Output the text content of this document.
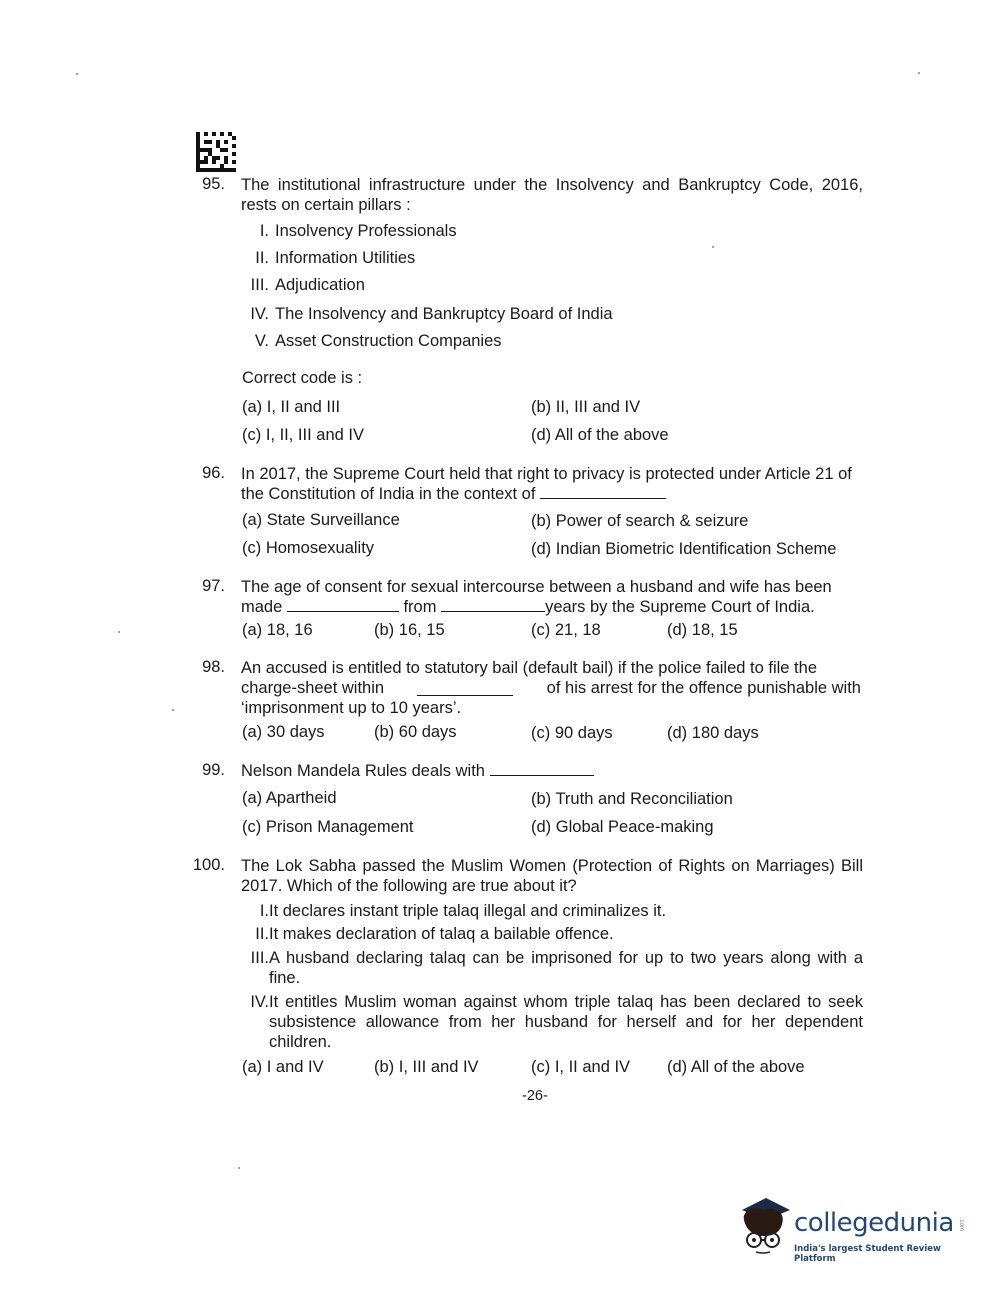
95. The institutional infrastructure under the Insolvency and Bankruptcy Code, 2016, rests on certain pillars :
I. Insolvency Professionals
II. Information Utilities
III. Adjudication
IV. The Insolvency and Bankruptcy Board of India
V. Asset Construction Companies
Correct code is :
(a) I, II and III	(b) II, III and IV
(c) I, II, III and IV	(d) All of the above
96. In 2017, the Supreme Court held that right to privacy is protected under Article 21 of the Constitution of India in the context of
(a) State Surveillance	(b) Power of search & seizure
(c) Homosexuality	(d) Indian Biometric Identification Scheme
97. The age of consent for sexual intercourse between a husband and wife has been
made	from	years by the Supreme Court of India.
(a) 18, 16	(b) 16, 15	(c) 21, 18	(d) 18, 15
98. An accused is entitled to statutory bail (default bail) if the police failed to file the
charge-sheet within	of his arrest for the offence punishable with
‘imprisonment up to 10 years’.
(a) 30 days	(b) 60 days	(c) 90 days	(d) 180 days
99. Nelson Mandela Rules deals with
(a) Apartheid	(b) Truth and Reconciliation
(c) Prison Management	(d) Global Peace-making
100. The Lok Sabha passed the Muslim Women (Protection of Rights on Marriages) Bill 2017. Which of the following are true about it?
I. It declares instant triple talaq illegal and criminalizes it.
II. It makes declaration of talaq a bailable offence.
III. A husband declaring talaq can be imprisoned for up to two years along with a fine.
IV. It entitles Muslim woman against whom triple talaq has been declared to seek subsistence allowance from her husband for herself and for her dependent children.
(a) I and IV	(b) I, III and IV	(c) I, II and IV (d) All of the above
-26-
collegedunia .com
India's largest Student Review Platform
